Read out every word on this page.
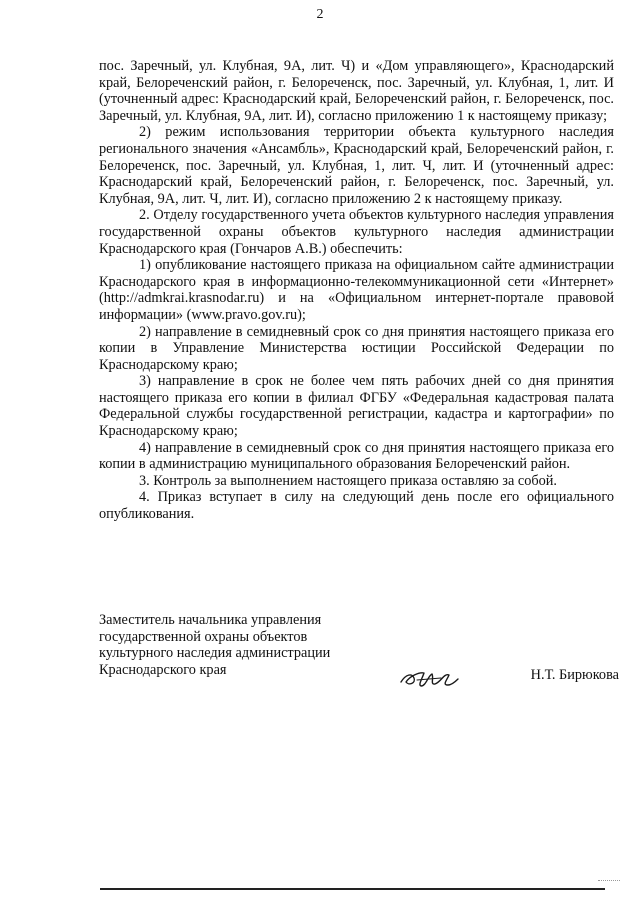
2

пос. Заречный, ул. Клубная, 9А, лит. Ч) и «Дом управляющего», Краснодарский край, Белореченский район, г. Белореченск, пос. Заречный, ул. Клубная, 1, лит. И (уточненный адрес: Краснодарский край, Белореченский район, г. Белореченск, пос. Заречный, ул. Клубная, 9А, лит. И), согласно приложению 1 к настоящему приказу;

2) режим использования территории объекта культурного наследия регионального значения «Ансамбль», Краснодарский край, Белореченский район, г. Белореченск, пос. Заречный, ул. Клубная, 1, лит. Ч, лит. И (уточненный адрес: Краснодарский край, Белореченский район, г. Белореченск, пос. Заречный, ул. Клубная, 9А, лит. Ч, лит. И), согласно приложению 2 к настоящему приказу.

2. Отделу государственного учета объектов культурного наследия управления государственной охраны объектов культурного наследия администрации Краснодарского края (Гончаров А.В.) обеспечить:

1) опубликование настоящего приказа на официальном сайте администрации Краснодарского края в информационно-телекоммуникационной сети «Интернет» (http://admkrai.krasnodar.ru) и на «Официальном интернет-портале правовой информации» (www.pravo.gov.ru);

2) направление в семидневный срок со дня принятия настоящего приказа его копии в Управление Министерства юстиции Российской Федерации по Краснодарскому краю;

3) направление в срок не более чем пять рабочих дней со дня принятия настоящего приказа его копии в филиал ФГБУ «Федеральная кадастровая палата Федеральной службы государственной регистрации, кадастра и картографии» по Краснодарскому краю;

4) направление в семидневный срок со дня принятия настоящего приказа его копии в администрацию муниципального образования Белореченский район.

3. Контроль за выполнением настоящего приказа оставляю за собой.

4. Приказ вступает в силу на следующий день после его официального опубликования.

Заместитель начальника управления
государственной охраны объектов
культурного наследия администрации
Краснодарского края	Н.Т. Бирюкова
